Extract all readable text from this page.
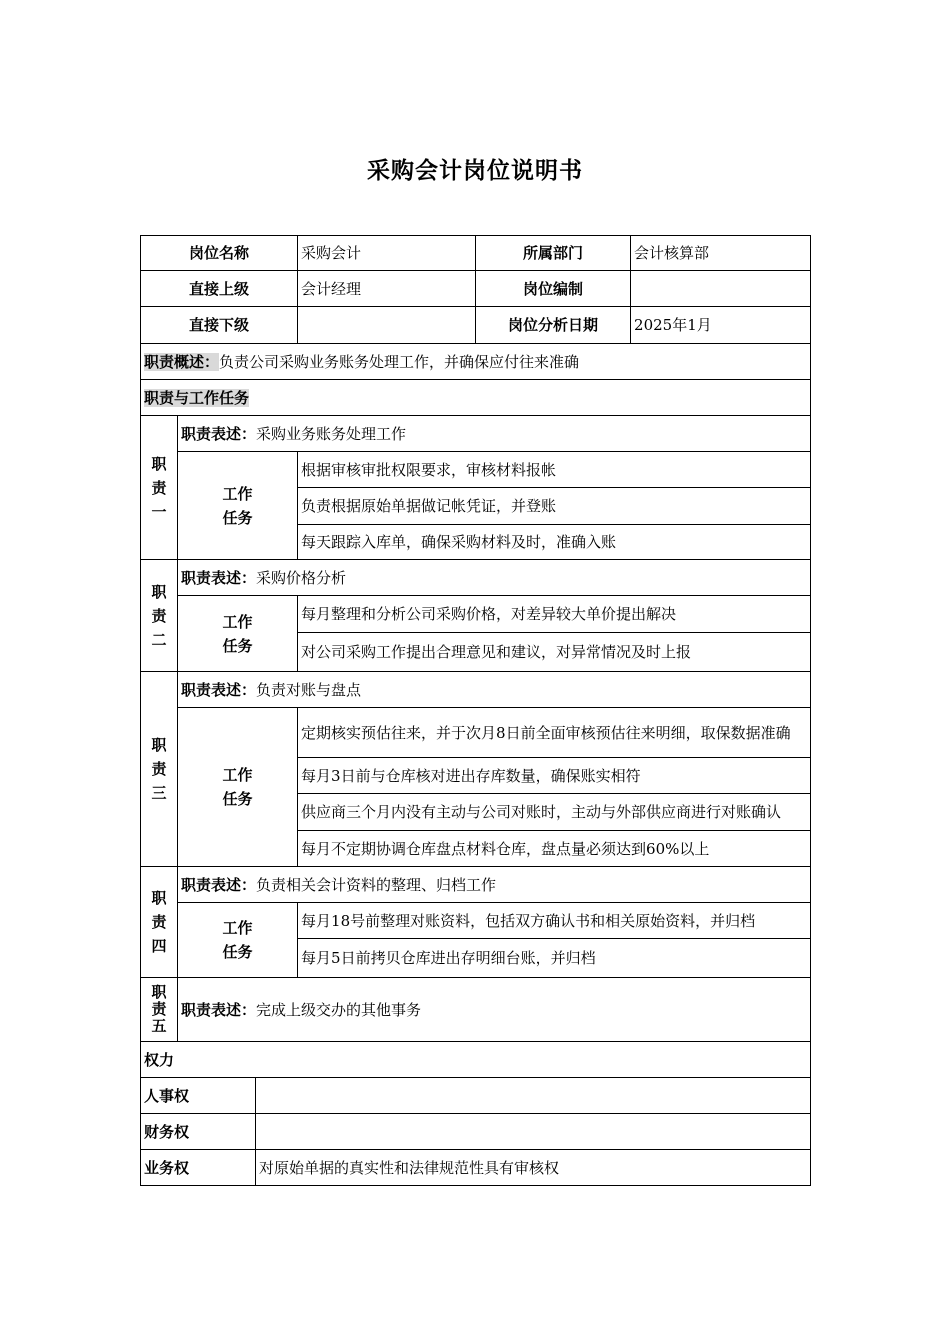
采购会计岗位说明书
岗位名称			采购会计	所属部门	会计核算部
直接上级			会计经理	岗位编制	
直接下级				岗位分析日期	2025年1月
职责概述：负责公司采购业务账务处理工作，并确保应付往来准确					
职责与工作任务					

职
责
一	职责表述：采购业务账务处理工作				

	工作
任务		根据审核审批权限要求，审核材料报帐		
			负责根据原始单据做记帐凭证，并登账		
			每天跟踪入库单，确保采购材料及时，准确入账		

职
责
二	职责表述：采购价格分析				

	工作
任务		每月整理和分析公司采购价格，对差异较大单价提出解决		
			对公司采购工作提出合理意见和建议，对异常情况及时上报		

职
责
三	职责表述：负责对账与盘点				

	工作
任务		定期核实预估往来，并于次月8日前全面审核预估往来明细，取保数据准确		
			每月3日前与仓库核对进出存库数量，确保账实相符		
			供应商三个月内没有主动与公司对账时，主动与外部供应商进行对账确认		
			每月不定期协调仓库盘点材料仓库，盘点量必须达到60%以上		

职
责
四	职责表述：负责相关会计资料的整理、归档工作				

	工作
任务		每月18号前整理对账资料，包括双方确认书和相关原始资料，并归档		
			每月5日前拷贝仓库进出存明细台账，并归档		

职
责
五	职责表述：完成上级交办的其他事务				
权力					
人事权					
财务权					
业务权		对原始单据的真实性和法律规范性具有审核权			
